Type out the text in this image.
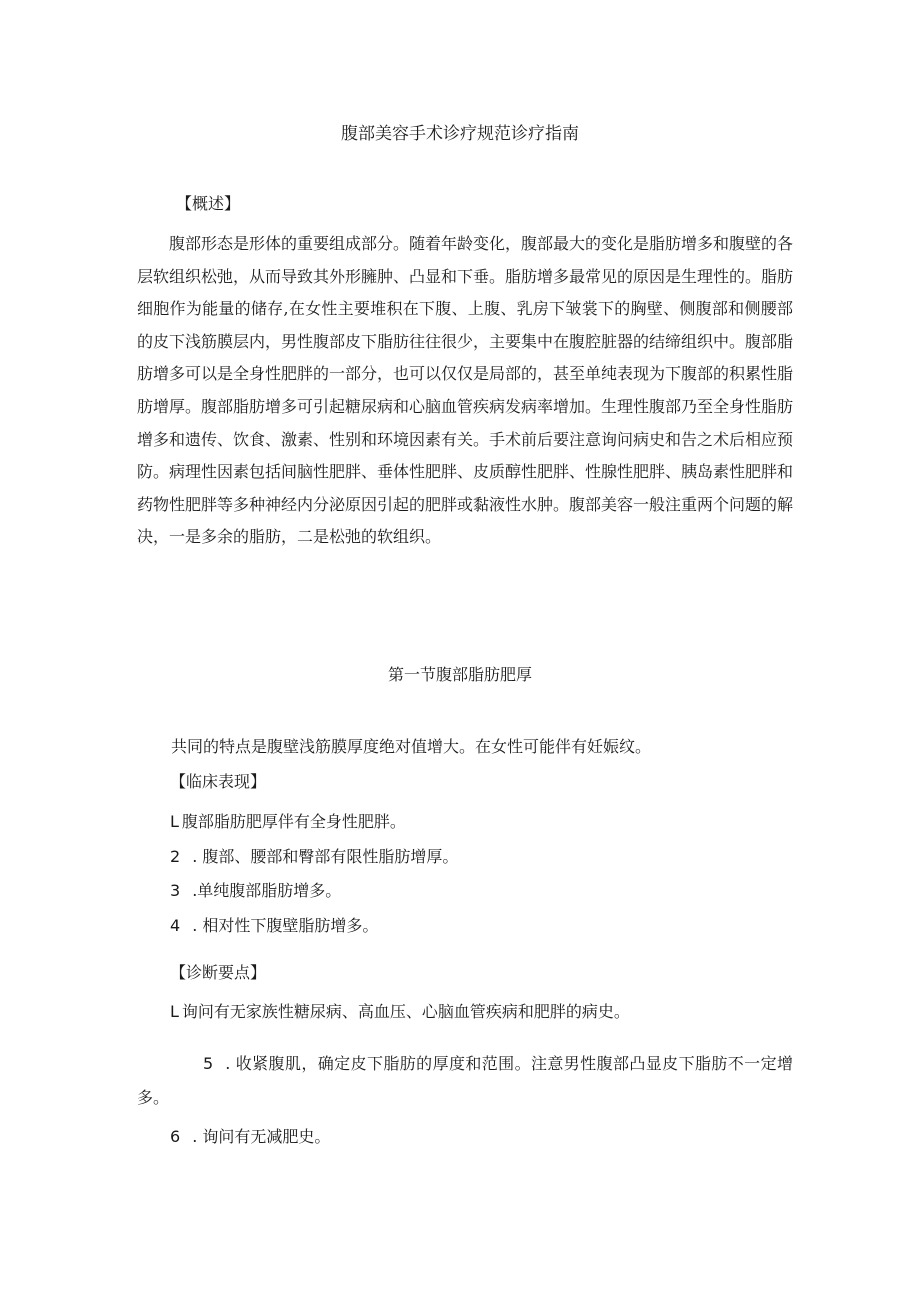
腹部美容手术诊疗规范诊疗指南
【概述】

腹部形态是形体的重要组成部分。随着年龄变化，腹部最大的变化是脂肪增多和腹壁的各层软组织松弛，从而导致其外形臃肿、凸显和下垂。脂肪增多最常见的原因是生理性的。脂肪细胞作为能量的储存,在女性主要堆积在下腹、上腹、乳房下皱裳下的胸壁、侧腹部和侧腰部的皮下浅筋膜层内，男性腹部皮下脂肪往往很少，主要集中在腹腔脏器的结缔组织中。腹部脂肪增多可以是全身性肥胖的一部分，也可以仅仅是局部的，甚至单纯表现为下腹部的积累性脂肪增厚。腹部脂肪增多可引起糖尿病和心脑血管疾病发病率增加。生理性腹部乃至全身性脂肪增多和遗传、饮食、激素、性别和环境因素有关。手术前后要注意询问病史和告之术后相应预防。病理性因素包括间脑性肥胖、垂体性肥胖、皮质醇性肥胖、性腺性肥胖、胰岛素性肥胖和药物性肥胖等多种神经内分泌原因引起的肥胖或黏液性水肿。腹部美容一般注重两个问题的解决，一是多余的脂肪，二是松弛的软组织。

第一节腹部脂肪肥厚
共同的特点是腹壁浅筋膜厚度绝对值增大。在女性可能伴有妊娠纹。
【临床表现】
L 腹部脂肪肥厚伴有全身性肥胖。
2 . 腹部、腰部和臀部有限性脂肪增厚。
3 .单纯腹部脂肪增多。
4 . 相对性下腹壁脂肪增多。
【诊断要点】
L 询问有无家族性糖尿病、高血压、心脑血管疾病和肥胖的病史。
5 . 收紧腹肌，确定皮下脂肪的厚度和范围。注意男性腹部凸显皮下脂肪不一定增多。
6 . 询问有无减肥史。
